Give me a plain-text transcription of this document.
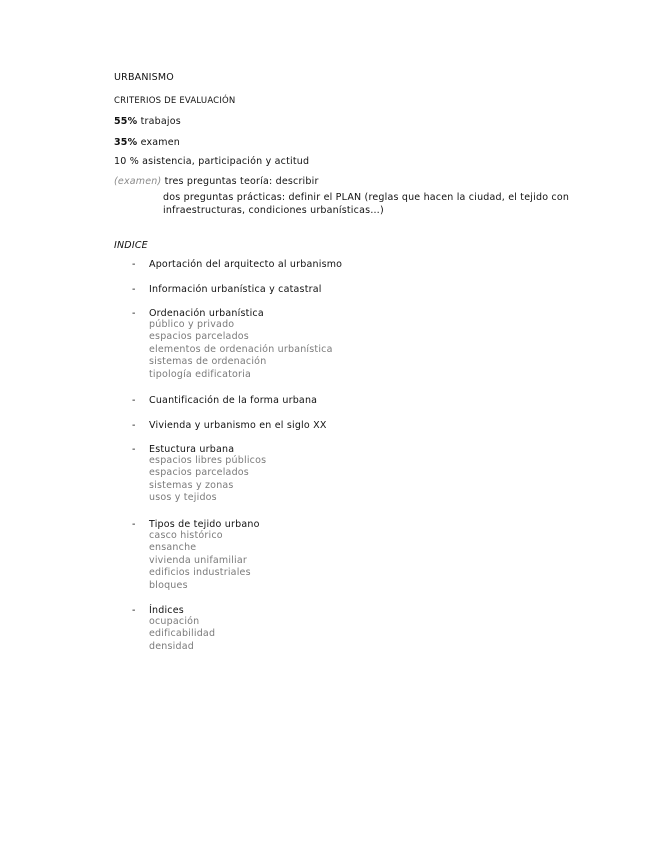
URBANISMO
CRITERIOS DE EVALUACIÓN
55% trabajos
35% examen
10 % asistencia, participación y actitud
(examen) tres preguntas teoría: describir
dos preguntas prácticas: definir el PLAN (reglas que hacen la ciudad, el tejido con
infraestructuras, condiciones urbanísticas…)
INDICE
-	Aportación del arquitecto al urbanismo
-	Información urbanística y catastral
-	Ordenación urbanística
público y privado
espacios parcelados
elementos de ordenación urbanística
sistemas de ordenación
tipología edificatoria
-	Cuantificación de la forma urbana
-	Vivienda y urbanismo en el siglo XX
-	Estuctura urbana
espacios libres públicos
espacios parcelados
sistemas y zonas
usos y tejidos
-	Tipos de tejido urbano
casco histórico
ensanche
vivienda unifamiliar
edificios industriales
bloques
-	Índices
ocupación
edificabilidad
densidad
